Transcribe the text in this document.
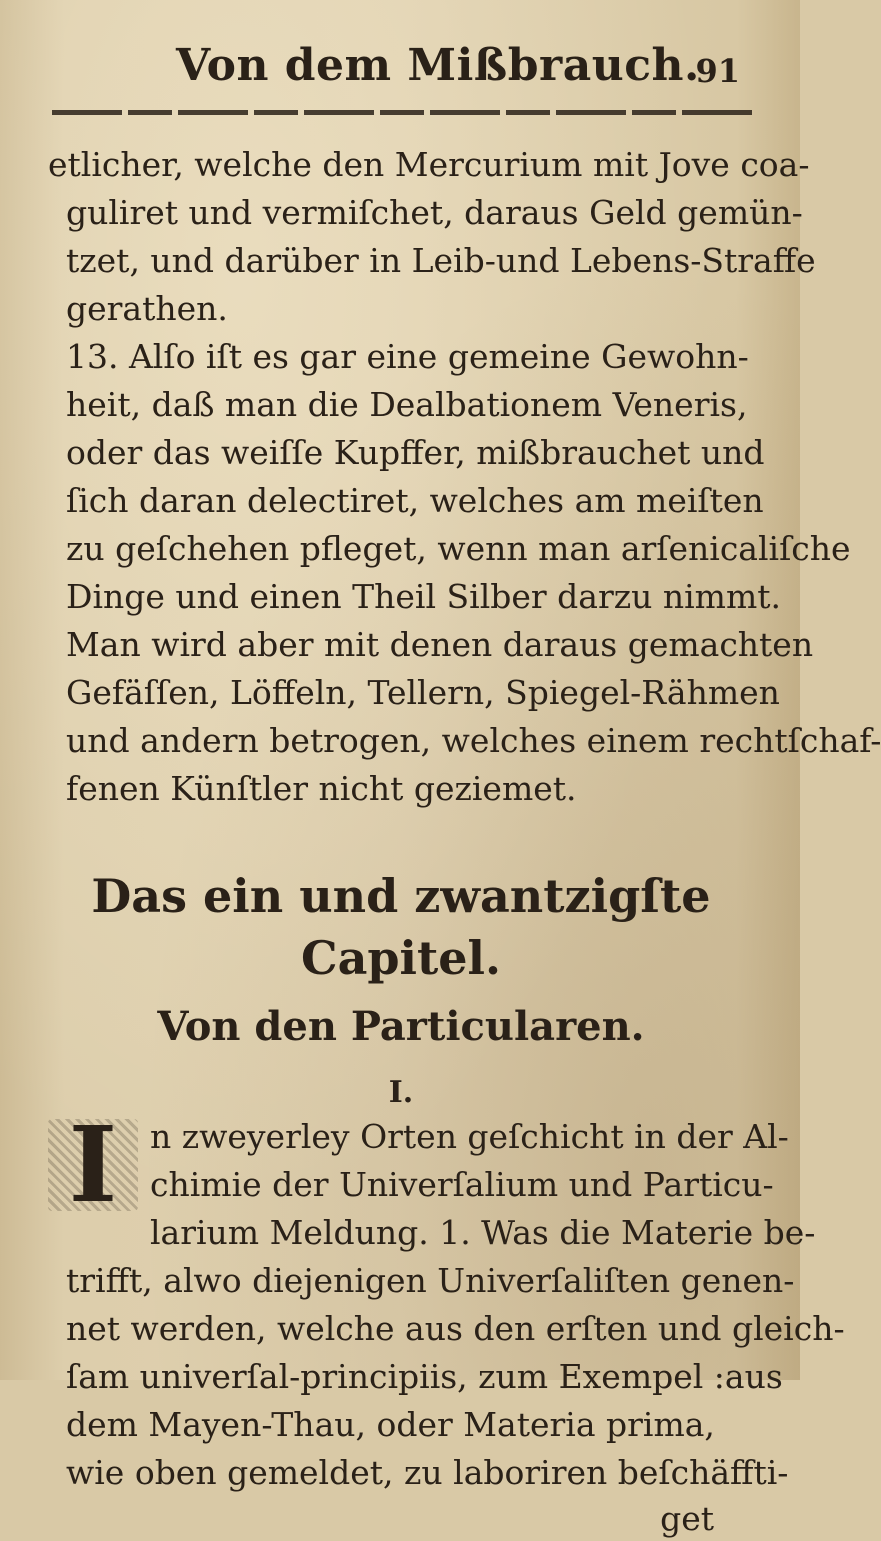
Von dem Mißbrauch.
91

etlicher, welche den Mercurium mit Jove coa-
guliret und vermiſchet, daraus Geld gemün-
tzet, und darüber in Leib-und Lebens-Straffe
gerathen.

13. Alſo iſt es gar eine gemeine Gewohn-
heit, daß man die Dealbationem Veneris,
oder das weiſſe Kupffer, mißbrauchet und
ſich daran delectiret, welches am meiſten
zu geſchehen pfleget, wenn man arſenicaliſche
Dinge und einen Theil Silber darzu nimmt.
Man wird aber mit denen daraus gemachten
Gefäſſen, Löffeln, Tellern, Spiegel-Rähmen
und andern betrogen, welches einem rechtſchaf-
fenen Künſtler nicht geziemet.

Das ein und zwantzigſte Capitel.
Von den Particularen.
I.
I n zweyerley Orten geſchicht in der Al-
chimie der Univerſalium und Particu-
larium Meldung. 1. Was die Materie be-
trifft, alwo diejenigen Univerſaliſten genen-
net werden, welche aus den erſten und gleich-
ſam univerſal-principiis, zum Exempel :aus
dem Mayen-Thau, oder Materia prima,
wie oben gemeldet, zu laboriren beſchäffti-
get
